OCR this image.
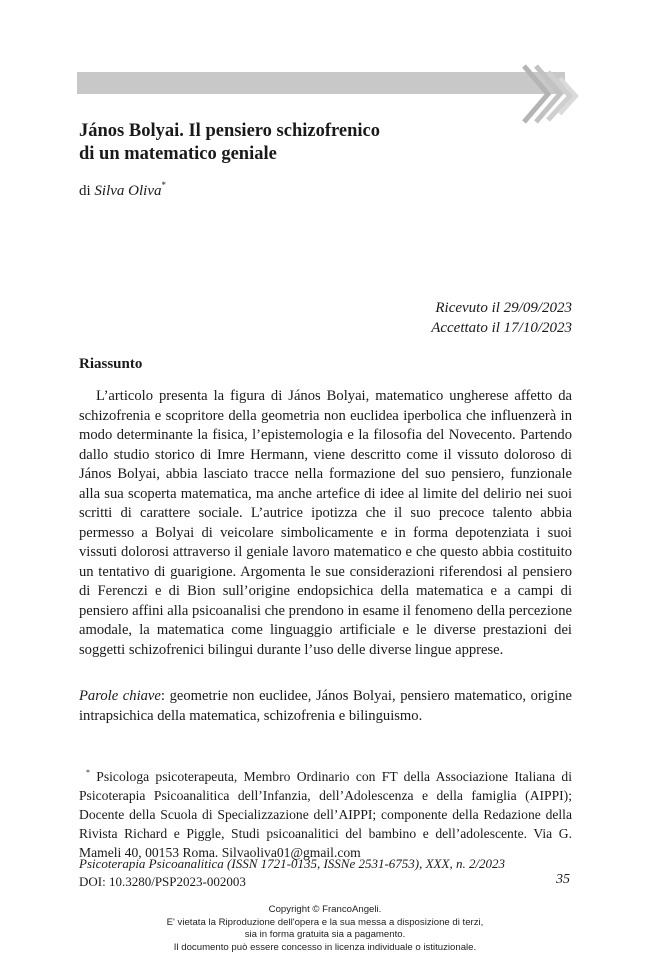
János Bolyai. Il pensiero schizofrenico
di un matematico geniale
di Silva Oliva*
Ricevuto il 29/09/2023
Accettato il 17/10/2023
Riassunto

L’articolo presenta la figura di János Bolyai, matematico ungherese affetto da schizofrenia e scopritore della geometria non euclidea iperbolica che influenzerà in modo determinante la fisica, l’epistemologia e la filosofia del Novecento. Partendo dallo studio storico di Imre Hermann, viene descritto come il vissuto doloroso di János Bolyai, abbia lasciato tracce nella formazione del suo pensiero, funzionale alla sua scoperta matematica, ma anche artefice di idee al limite del delirio nei suoi scritti di carattere sociale. L’autrice ipotizza che il suo precoce talento abbia permesso a Bolyai di veicolare simbolicamente e in forma depotenziata i suoi vissuti dolorosi attraverso il geniale lavoro matematico e che questo abbia costituito un tentativo di guarigione. Argomenta le sue considerazioni riferendosi al pensiero di Ferenczi e di Bion sull’origine endopsichica della matematica e a campi di pensiero affini alla psicoanalisi che prendono in esame il fenomeno della percezione amodale, la matematica come linguaggio artificiale e le diverse prestazioni dei soggetti schizofrenici bilingui durante l’uso delle diverse lingue apprese.

Parole chiave: geometrie non euclidee, János Bolyai, pensiero matematico, origine intrapsichica della matematica, schizofrenia e bilinguismo.

* Psicologa psicoterapeuta, Membro Ordinario con FT della Associazione Italiana di Psicoterapia Psicoanalitica dell’Infanzia, dell’Adolescenza e della famiglia (AIPPI); Docente della Scuola di Specializzazione dell’AIPPI; componente della Redazione della Rivista Richard e Piggle, Studi psicoanalitici del bambino e dell’adolescente. Via G. Mameli 40, 00153 Roma. Silvaoliva01@gmail.com

Psicoterapia Psicoanalitica (ISSN 1721-0135, ISSNe 2531-6753), XXX, n. 2/2023
DOI: 10.3280/PSP2023-002003	35
Copyright © FrancoAngeli.
E' vietata la Riproduzione dell'opera e la sua messa a disposizione di terzi,
sia in forma gratuita sia a pagamento.
Il documento può essere concesso in licenza individuale o istituzionale.
